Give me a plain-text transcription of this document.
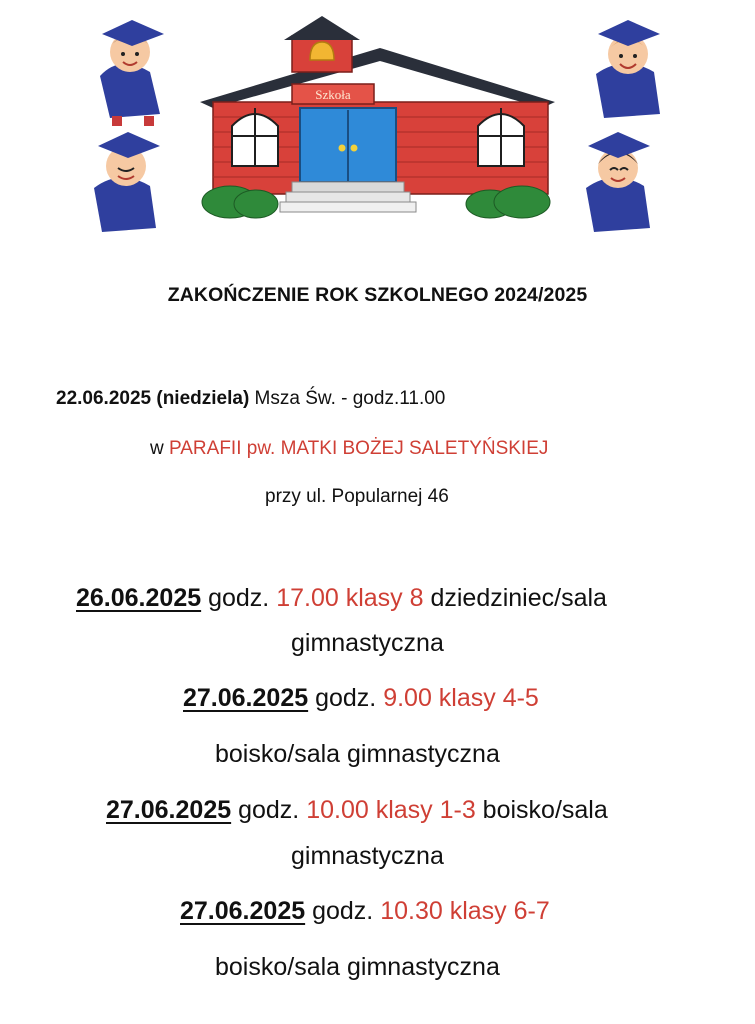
Szkoła
ZAKOŃCZENIE ROK SZKOLNEGO 2024/2025
22.06.2025 (niedziela) Msza Św. - godz.11.00
w PARAFII pw. MATKI BOŻEJ SALETYŃSKIEJ
przy ul. Popularnej 46
26.06.2025 godz. 17.00 klasy 8 dziedziniec/sala
gimnastyczna
27.06.2025 godz. 9.00 klasy 4-5
boisko/sala gimnastyczna
27.06.2025 godz. 10.00 klasy 1-3 boisko/sala
gimnastyczna
27.06.2025 godz. 10.30 klasy 6-7
boisko/sala gimnastyczna
